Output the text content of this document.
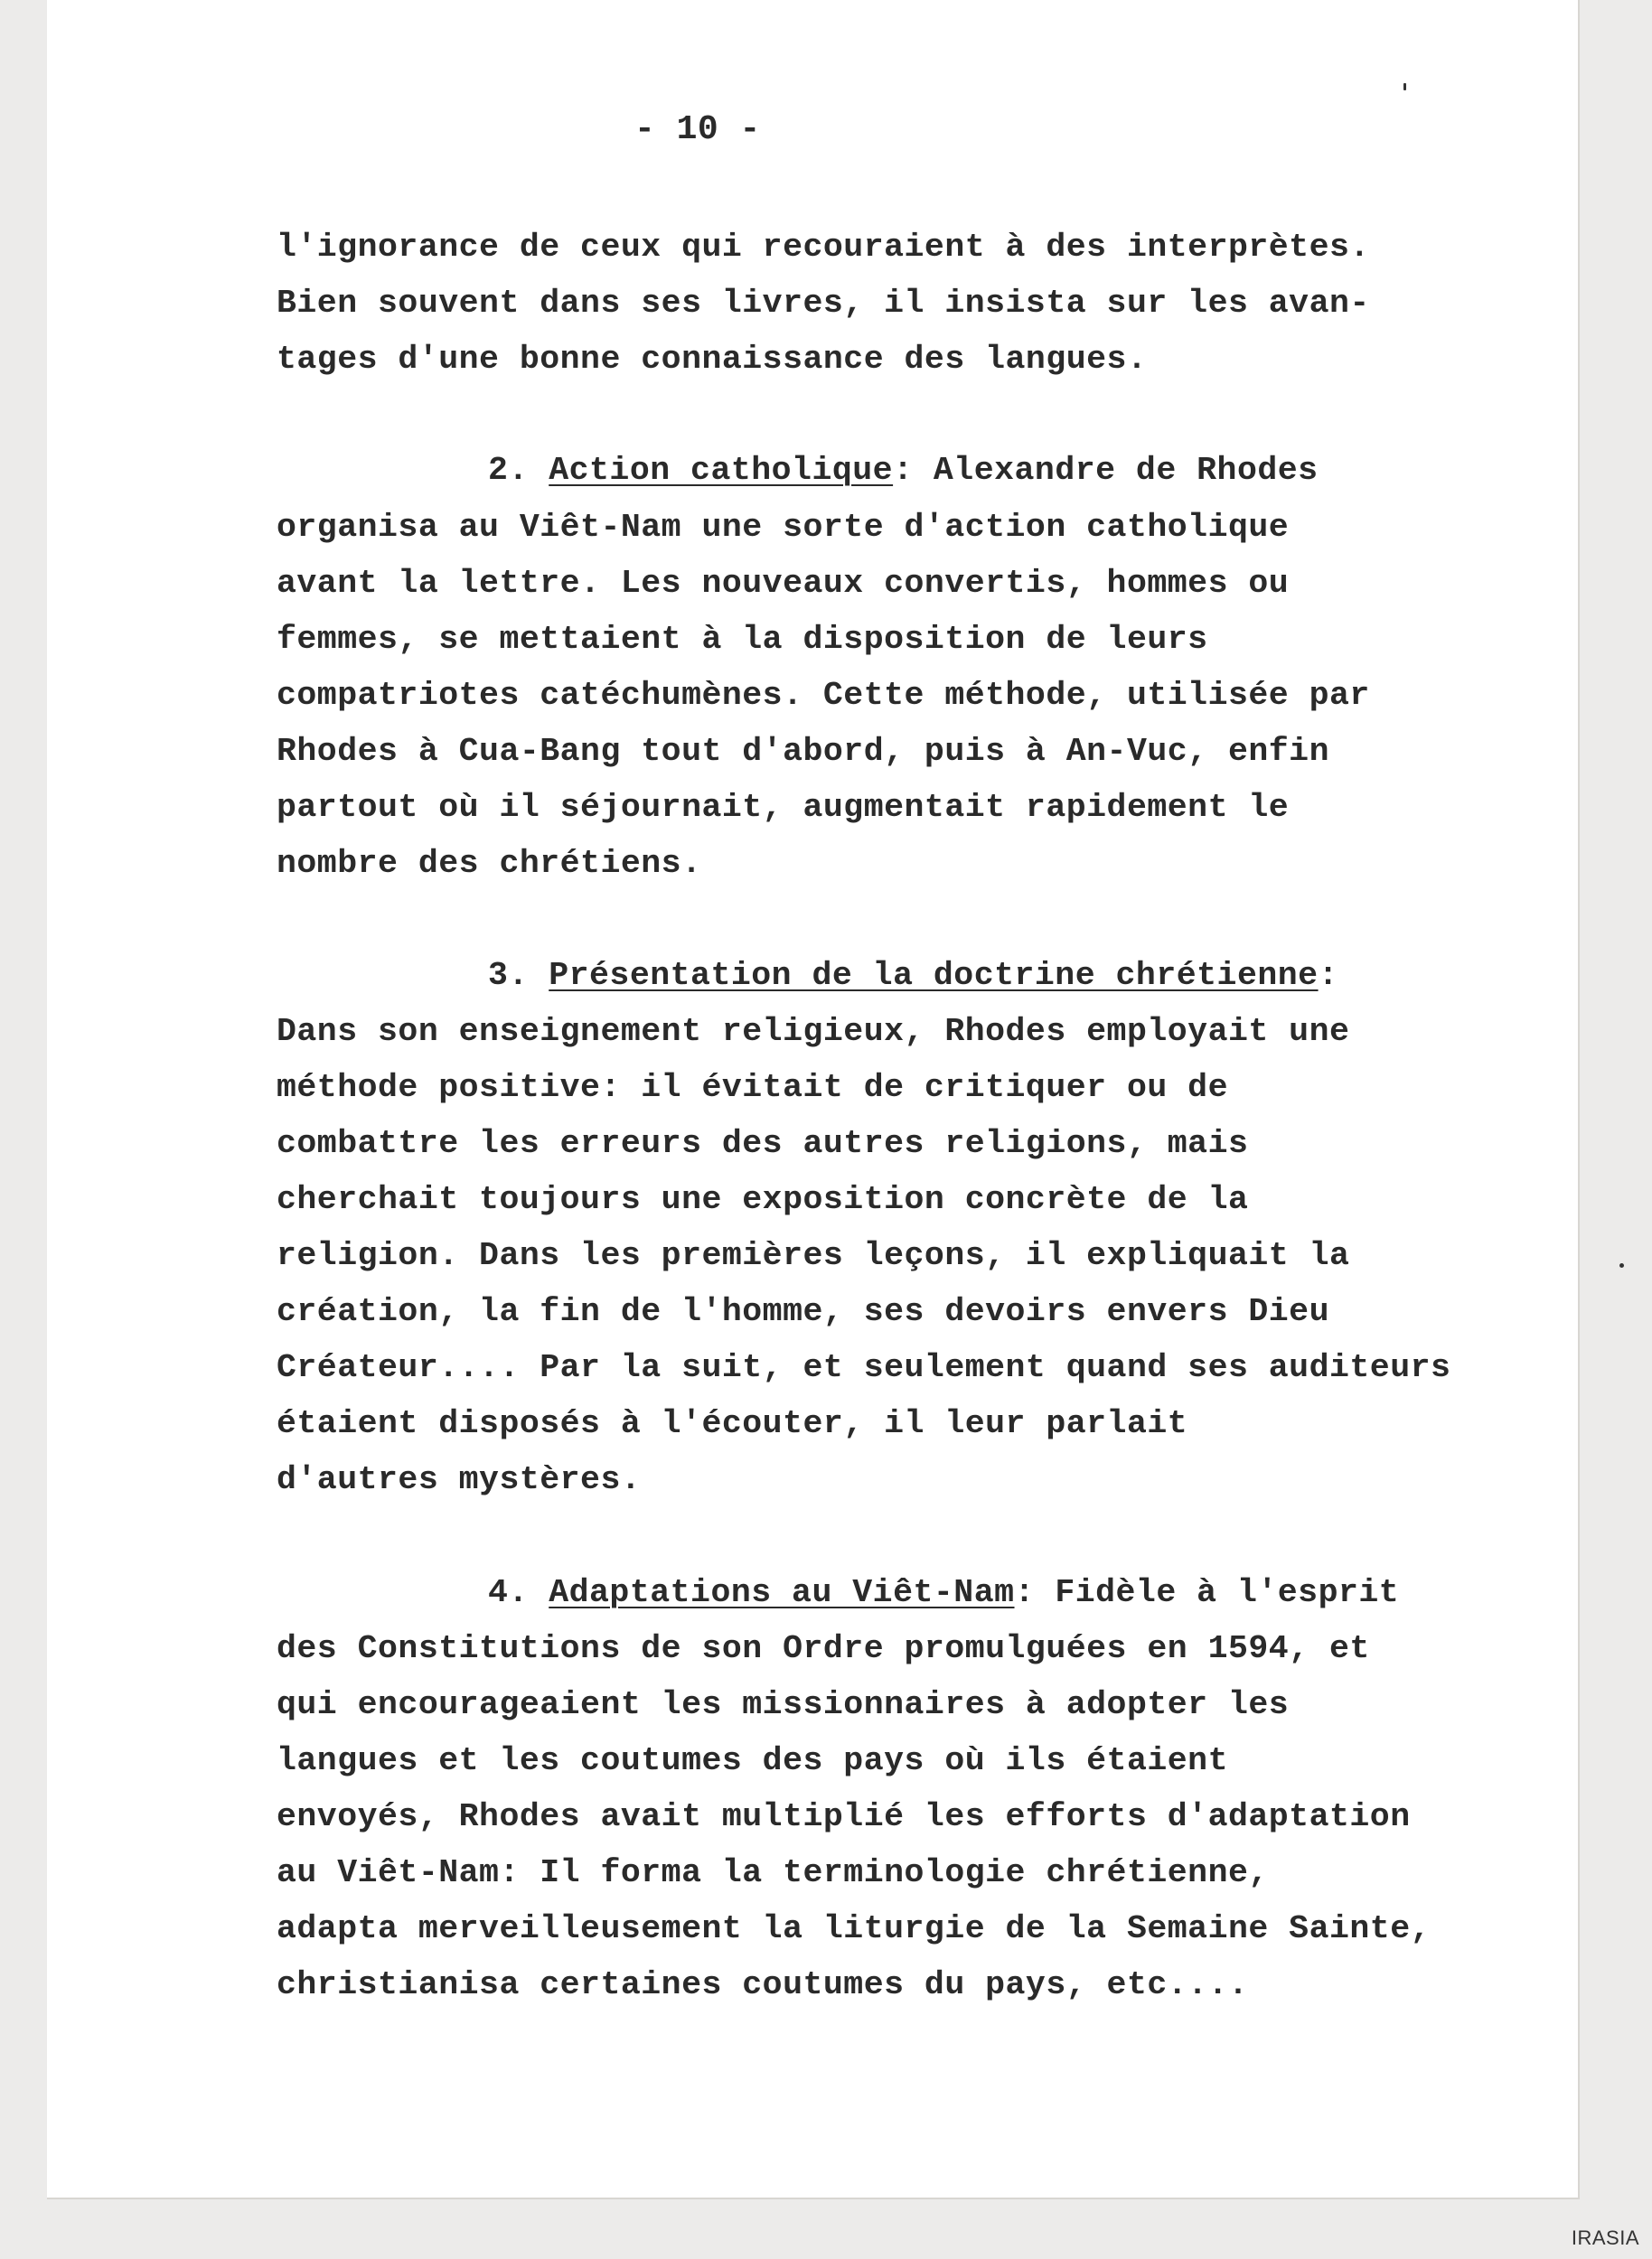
- 10 -
l'ignorance de ceux qui recouraient à des interprètes.
Bien souvent dans ses livres, il insista sur les avan-
tages d'une bonne connaissance des langues.
2. Action catholique: Alexandre de Rhodes
organisa au Viêt-Nam une sorte d'action catholique
avant la lettre. Les nouveaux convertis, hommes ou
femmes, se mettaient à la disposition de leurs
compatriotes catéchumènes. Cette méthode, utilisée par
Rhodes à Cua-Bang tout d'abord, puis à An-Vuc, enfin
partout où il séjournait, augmentait rapidement le
nombre des chrétiens.
3. Présentation de la doctrine chrétienne:
Dans son enseignement religieux, Rhodes employait une
méthode positive: il évitait de critiquer ou de
combattre les erreurs des autres religions, mais
cherchait toujours une exposition concrète de la
religion. Dans les premières leçons, il expliquait la
création, la fin de l'homme, ses devoirs envers Dieu
Créateur.... Par la suit, et seulement quand ses auditeurs
étaient disposés à l'écouter, il leur parlait
d'autres mystères.
4. Adaptations au Viêt-Nam: Fidèle à l'esprit
des Constitutions de son Ordre promulguées en 1594, et
qui encourageaient les missionnaires à adopter les
langues et les coutumes des pays où ils étaient
envoyés, Rhodes avait multiplié les efforts d'adaptation
au Viêt-Nam: Il forma la terminologie chrétienne,
adapta merveilleusement la liturgie de la Semaine Sainte,
christianisa certaines coutumes du pays, etc....
IRASIA
